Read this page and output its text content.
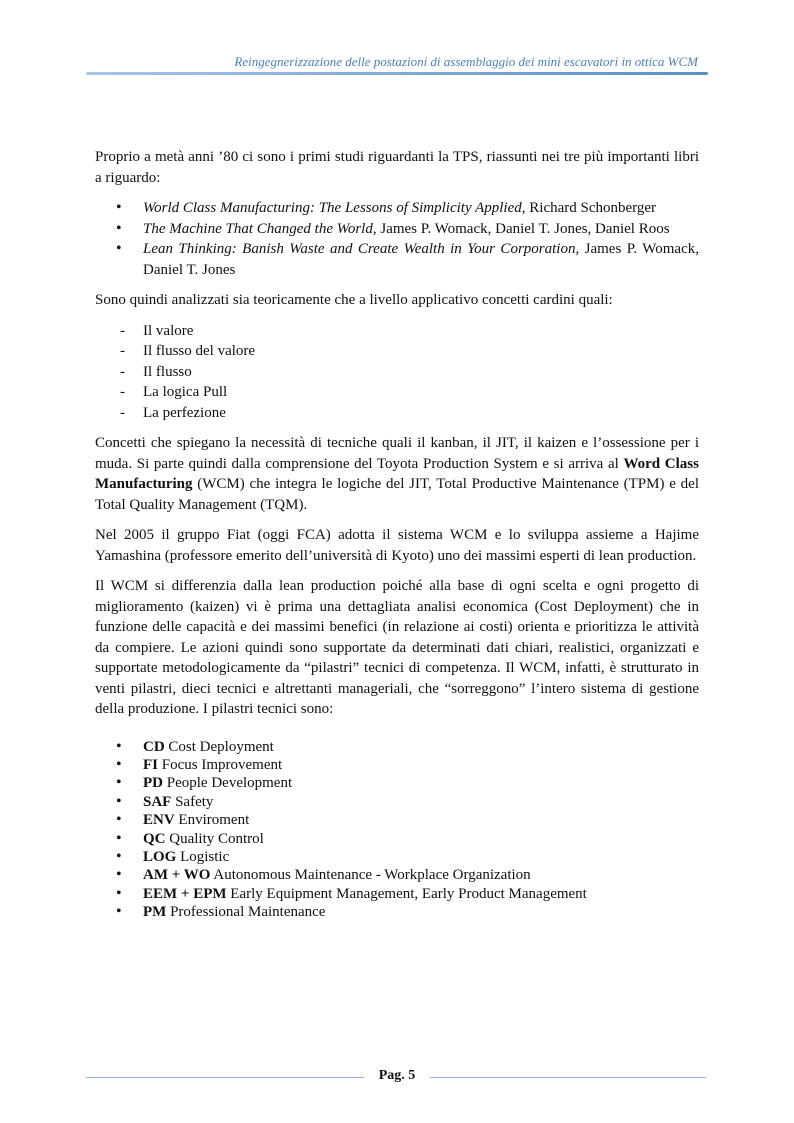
Reingegnerizzazione delle postazioni di assemblaggio dei mini escavatori in ottica WCM

Proprio a metà anni ’80 ci sono i primi studi riguardanti la TPS, riassunti nei tre più importanti libri a riguardo:

• World Class Manufacturing: The Lessons of Simplicity Applied, Richard Schonberger
• The Machine That Changed the World, James P. Womack, Daniel T. Jones, Daniel Roos
• Lean Thinking: Banish Waste and Create Wealth in Your Corporation, James P. Womack, Daniel T. Jones

Sono quindi analizzati sia teoricamente che a livello applicativo concetti cardini quali:

- Il valore
- Il flusso del valore
- Il flusso
- La logica Pull
- La perfezione

Concetti che spiegano la necessità di tecniche quali il kanban, il JIT, il kaizen e l’ossessione per i muda. Si parte quindi dalla comprensione del Toyota Production System e si arriva al Word Class Manufacturing (WCM) che integra le logiche del JIT, Total Productive Maintenance (TPM) e del Total Quality Management (TQM).

Nel 2005 il gruppo Fiat (oggi FCA) adotta il sistema WCM e lo sviluppa assieme a Hajime Yamashina (professore emerito dell’università di Kyoto) uno dei massimi esperti di lean production.

Il WCM si differenzia dalla lean production poiché alla base di ogni scelta e ogni progetto di miglioramento (kaizen) vi è prima una dettagliata analisi economica (Cost Deployment) che in funzione delle capacità e dei massimi benefici (in relazione ai costi) orienta e prioritizza le attività da compiere. Le azioni quindi sono supportate da determinati dati chiari, realistici, organizzati e supportate metodologicamente da “pilastri” tecnici di competenza. Il WCM, infatti, è strutturato in venti pilastri, dieci tecnici e altrettanti manageriali, che “sorreggono” l’intero sistema di gestione della produzione. I pilastri tecnici sono:

• CD Cost Deployment
• FI Focus Improvement
• PD People Development
• SAF Safety
• ENV Enviroment
• QC Quality Control
• LOG Logistic
• AM + WO Autonomous Maintenance - Workplace Organization
• EEM + EPM Early Equipment Management, Early Product Management
• PM Professional Maintenance
Pag. 5
